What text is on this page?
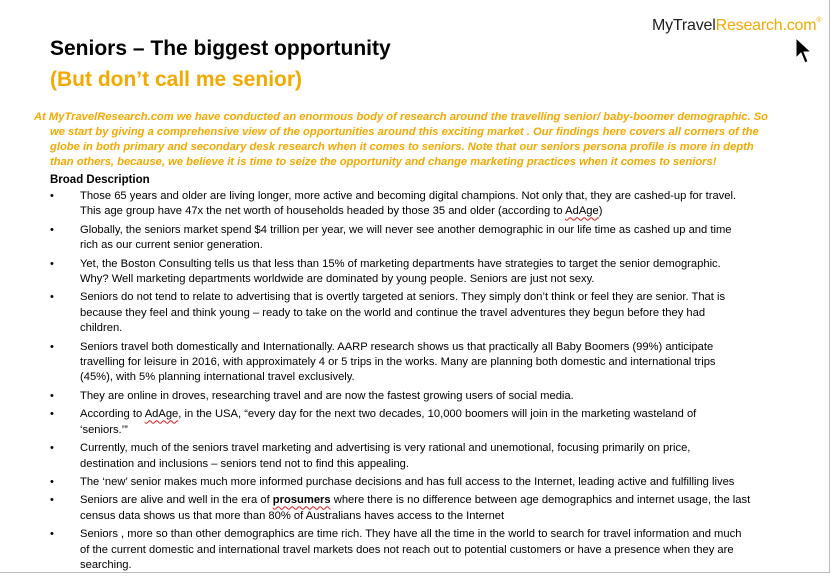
MyTravelResearch.com®
Seniors – The biggest opportunity
(But don’t call me senior)
At MyTravelResearch.com we have conducted an enormous body of research around the travelling senior/ baby-boomer demographic. So
we start by giving a comprehensive view of the opportunities around this exciting market . Our findings here covers all corners of the
globe in both primary and secondary desk research when it comes to seniors. Note that our seniors persona profile is more in depth
than others, because, we believe it is time to seize the opportunity and change marketing practices when it comes to seniors!
Broad Description
• Those 65 years and older are living longer, more active and becoming digital champions. Not only that, they are cashed-up for travel.
This age group have 47x the net worth of households headed by those 35 and older (according to AdAge)
• Globally, the seniors market spend $4 trillion per year, we will never see another demographic in our life time as cashed up and time
rich as our current senior generation.
• Yet, the Boston Consulting tells us that less than 15% of marketing departments have strategies to target the senior demographic.
Why? Well marketing departments worldwide are dominated by young people. Seniors are just not sexy.
• Seniors do not tend to relate to advertising that is overtly targeted at seniors. They simply don’t think or feel they are senior. That is
because they feel and think young – ready to take on the world and continue the travel adventures they begun before they had
children.
• Seniors travel both domestically and Internationally. AARP research shows us that practically all Baby Boomers (99%) anticipate
travelling for leisure in 2016, with approximately 4 or 5 trips in the works. Many are planning both domestic and international trips
(45%), with 5% planning international travel exclusively.
• They are online in droves, researching travel and are now the fastest growing users of social media.
• According to AdAge, in the USA, “every day for the next two decades, 10,000 boomers will join in the marketing wasteland of
‘seniors.’”
• Currently, much of the seniors travel marketing and advertising is very rational and unemotional, focusing primarily on price,
destination and inclusions – seniors tend not to find this appealing.
• The ‘new’ senior makes much more informed purchase decisions and has full access to the Internet, leading active and fulfilling lives
• Seniors are alive and well in the era of prosumers where there is no difference between age demographics and internet usage, the last
census data shows us that more than 80% of Australians haves access to the Internet
• Seniors , more so than other demographics are time rich. They have all the time in the world to search for travel information and much
of the current domestic and international travel markets does not reach out to potential customers or have a presence when they are
searching.
